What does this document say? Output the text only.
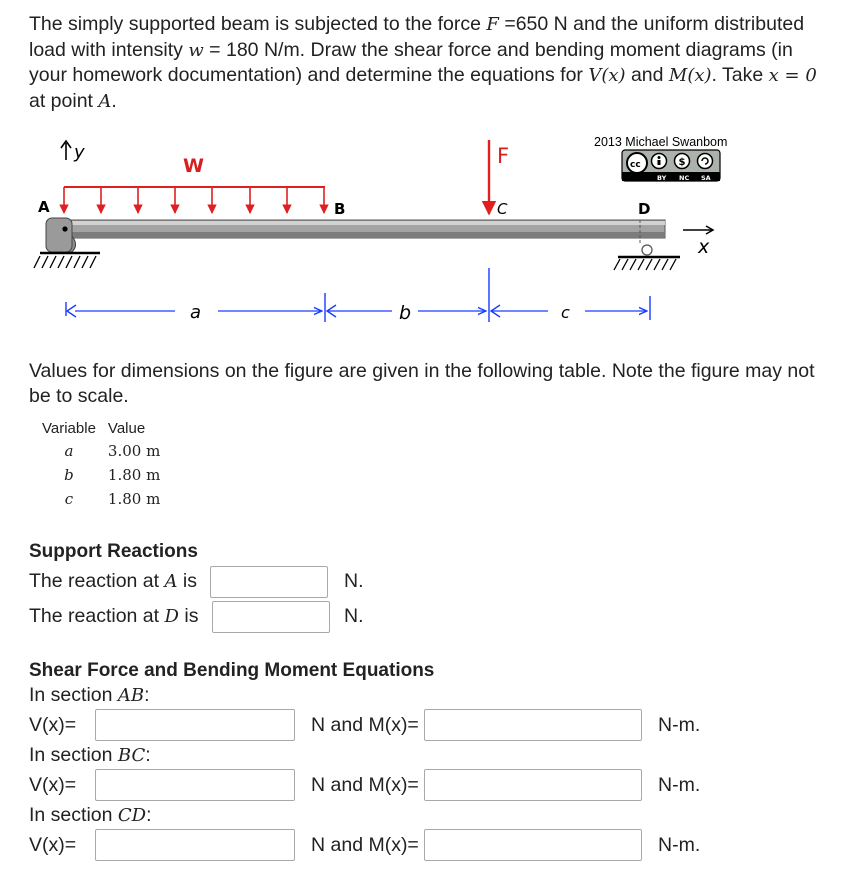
The simply supported beam is subjected to the force F =650 N and the uniform distributed load with intensity w = 180 N/m. Draw the shear force and bending moment diagrams (in your homework documentation) and determine the equations for V(x) and M(x). Take x = 0 at point A.
y
W
A	B
F
C
2013 Michael Swanbom
cc	$
BY NC SA
D
x
a	b	c
Values for dimensions on the figure are given in the following table. Note the figure may not be to scale.
Variable	Value
a	3.00 m
b	1.80 m
c	1.80 m
Support Reactions
The reaction at A is	N.
The reaction at D is	N.
Shear Force and Bending Moment Equations
In section AB:
V(x)=	N and M(x)=	N-m.
In section BC:
V(x)=	N and M(x)=	N-m.
In section CD:
V(x)=	N and M(x)=	N-m.
